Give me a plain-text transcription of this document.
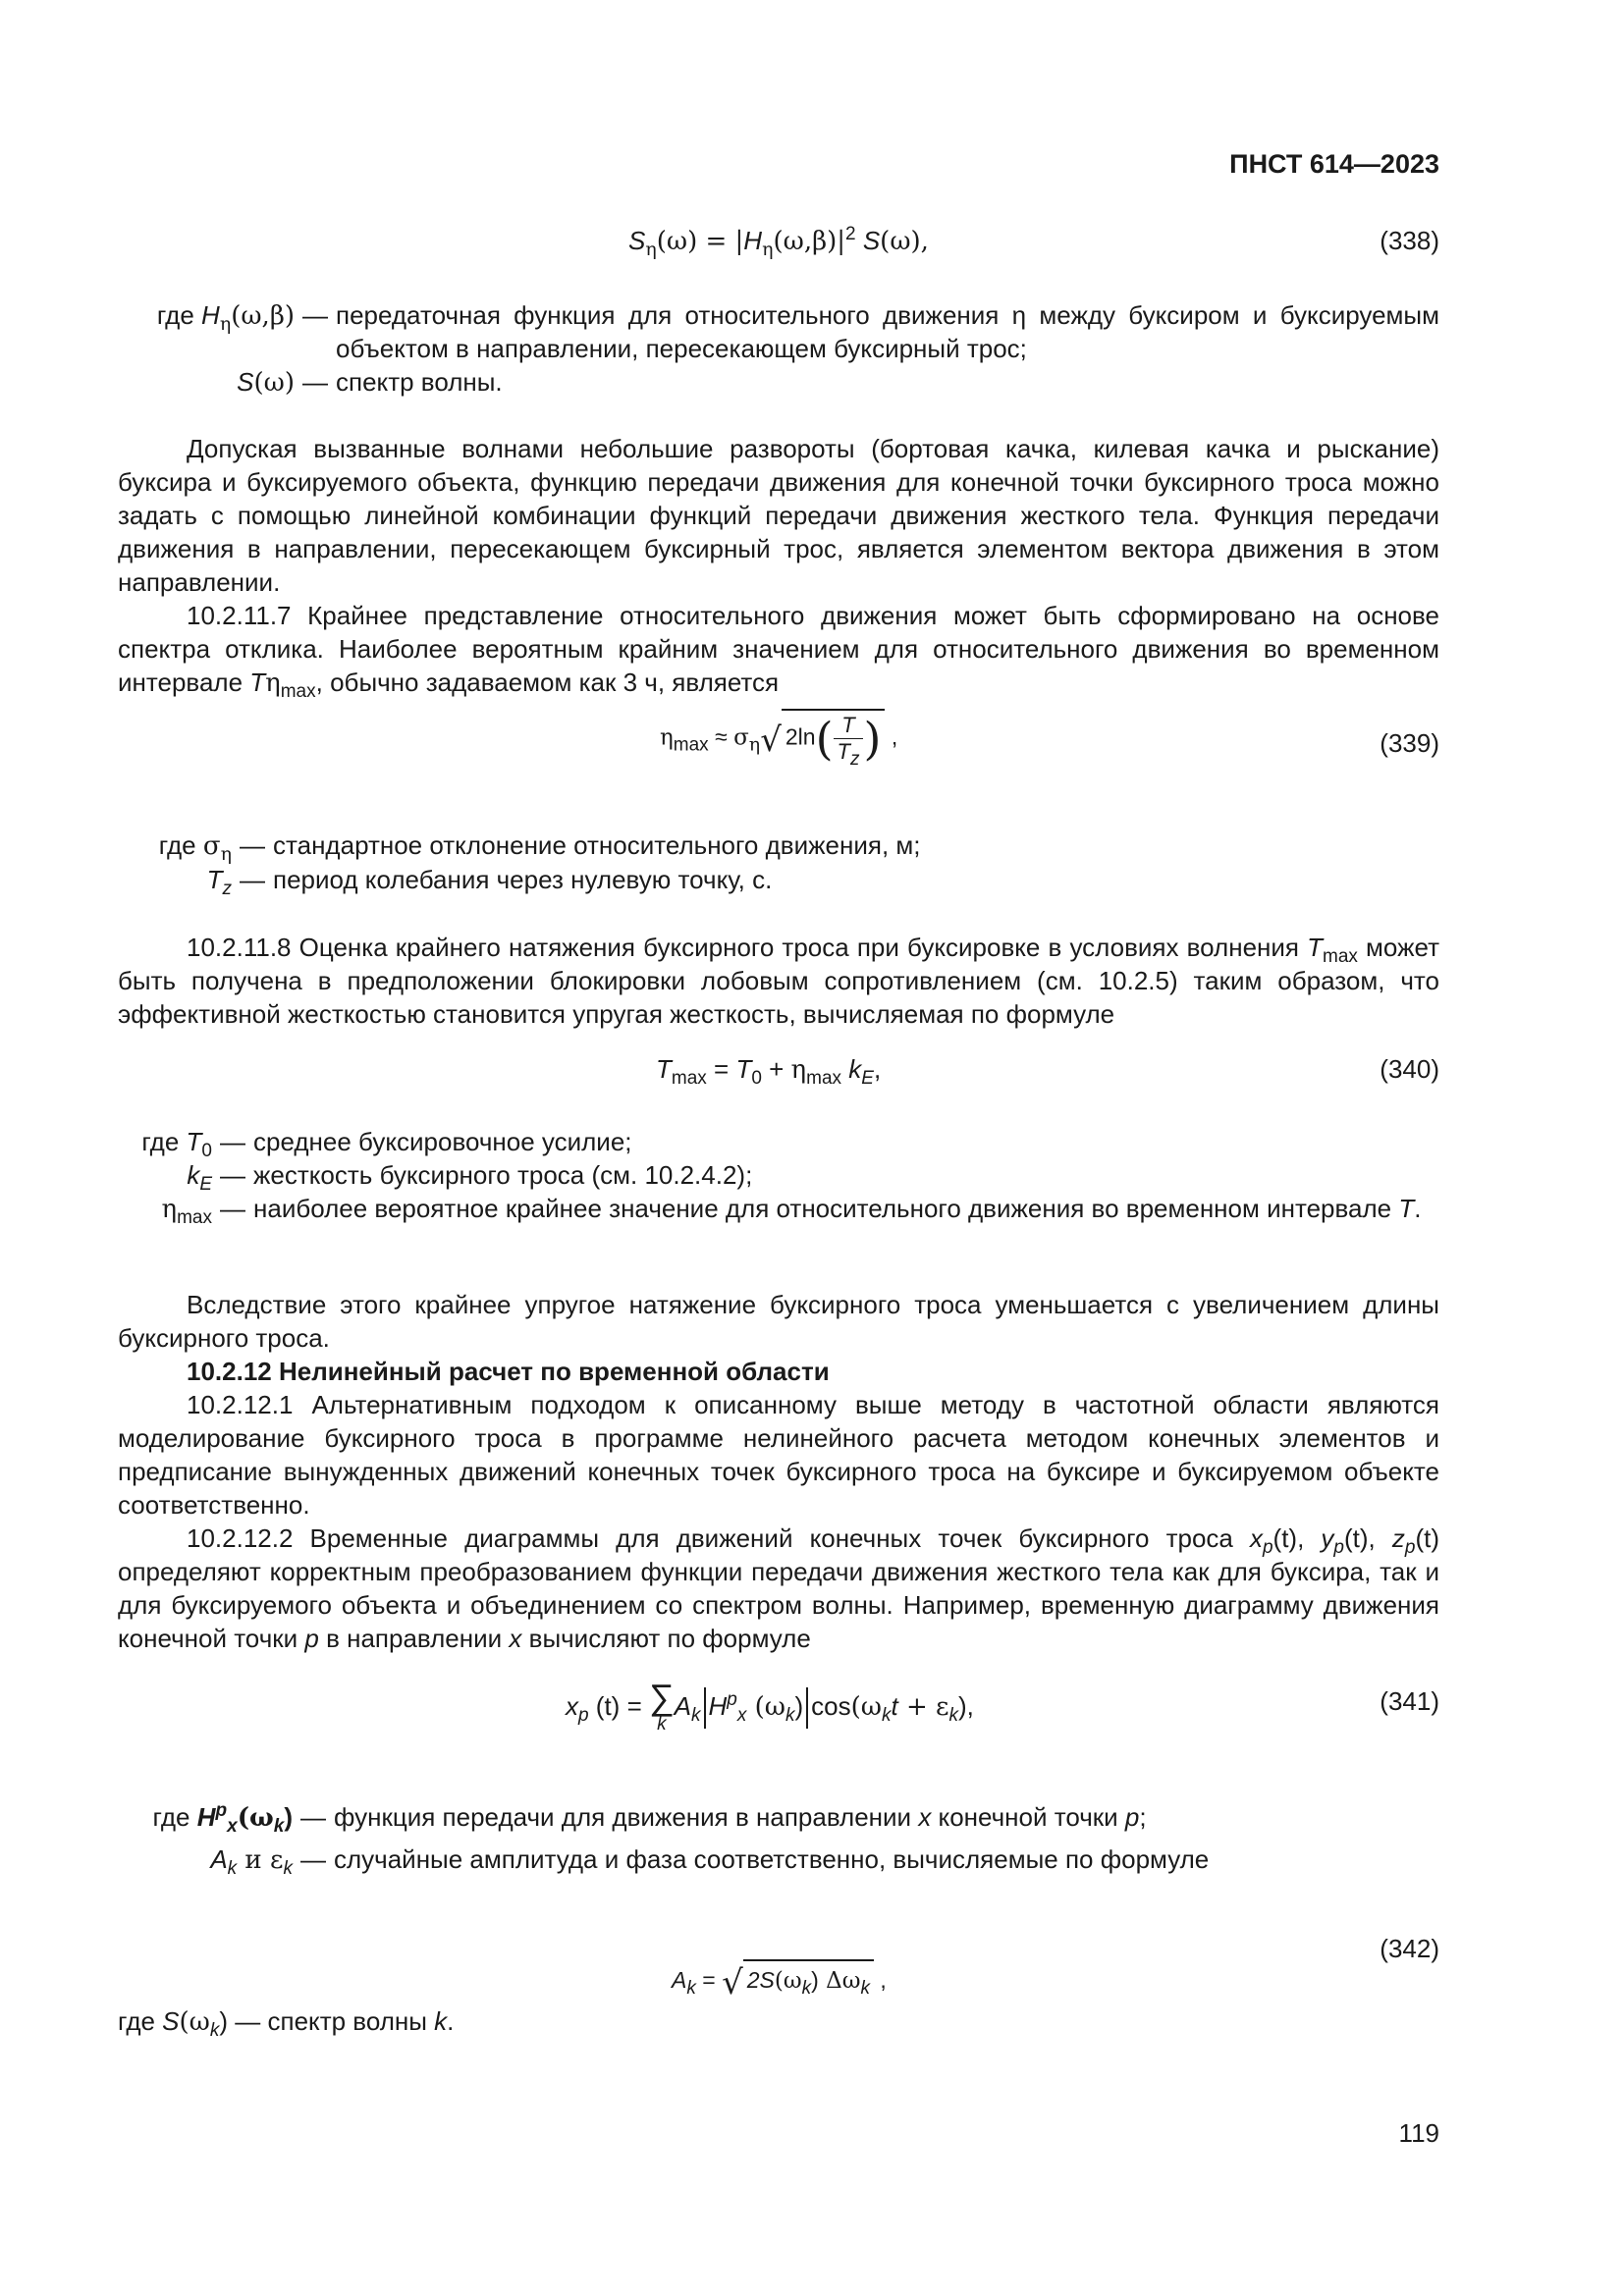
ПНСТ 614—2023
$S_\eta(\omega) = |H_\eta(\omega,\beta)|^2$ S(ω),	(338)
где $H_\eta(\omega,\beta)$ — передаточная функция для относительного движения η между буксиром и буксируемым объектом в направлении, пересекающем буксирный трос;
S(ω) — спектр волны.
Допуская вызванные волнами небольшие развороты (бортовая качка, килевая качка и рыскание) буксира и буксируемого объекта, функцию передачи движения для конечной точки буксирного троса можно задать с помощью линейной комбинации функций передачи движения жесткого тела. Функция передачи движения в направлении, пересекающем буксирный трос, является элементом вектора движения в этом направлении.
10.2.11.7 Крайнее представление относительного движения может быть сформировано на основе спектра отклика. Наиболее вероятным крайним значением для относительного движения во временном интервале $T\eta_{max}$, обычно задаваемом как 3 ч, является
$\eta_{max} \approx \sigma_\eta√$ $2\ln( \frac{T}{T_z}$ ) ,	(339)
где $\sigma_\eta$ — стандартное отклонение относительного движения, м;
$T_z$ — период колебания через нулевую точку, с.
10.2.11.8 Оценка крайнего натяжения буксирного троса при буксировке в условиях волнения $T_{max}$ может быть получена в предположении блокировки лобовым сопротивлением (см. 10.2.5) таким образом, что эффективной жесткостью становится упругая жесткость, вычисляемая по формуле
$T_{max} = T_0 + \eta_{max}$ $k_E$,	(340)
где $T_0$ — среднее буксировочное усилие;
$k_E$ — жесткость буксирного троса (см. 10.2.4.2);
$\eta_{max}$ — наиболее вероятное крайнее значение для относительного движения во временном интервале T.
Вследствие этого крайнее упругое натяжение буксирного троса уменьшается с увеличением длины буксирного троса.
10.2.12 Нелинейный расчет по временной области
10.2.12.1 Альтернативным подходом к описанному выше методу в частотной области являются моделирование буксирного троса в программе нелинейного расчета методом конечных элементов и предписание вынужденных движений конечных точек буксирного троса на буксире и буксируемом объекте соответственно.
10.2.12.2 Временные диаграммы для движений конечных точек буксирного троса $x_p(t)$, $y_p(t)$, $z_p(t)$ определяют корректным преобразованием функции передачи движения жесткого тела как для буксира, так и для буксируемого объекта и объединением со спектром волны. Например, временную диаграмму движения конечной точки p в направлении x вычисляют по формуле
$x_p$ (t) = ∑
k
$A_k$ $H^p_x$ $(\omega_k) \cos(\omega_kt + \varepsilon_k)$,	(341)
где $H^p_x(\omega_k)$ — функция передачи для движения в направлении x конечной точки p;
$A_k$ и $\varepsilon_k$ — случайные амплитуда и фаза соответственно, вычисляемые по формуле
$A_k$ = √ $2S(\omega_k)$ $\Delta\omega_k$ ,
(342)
где $S(\omega_k)$ — спектр волны k.
119
